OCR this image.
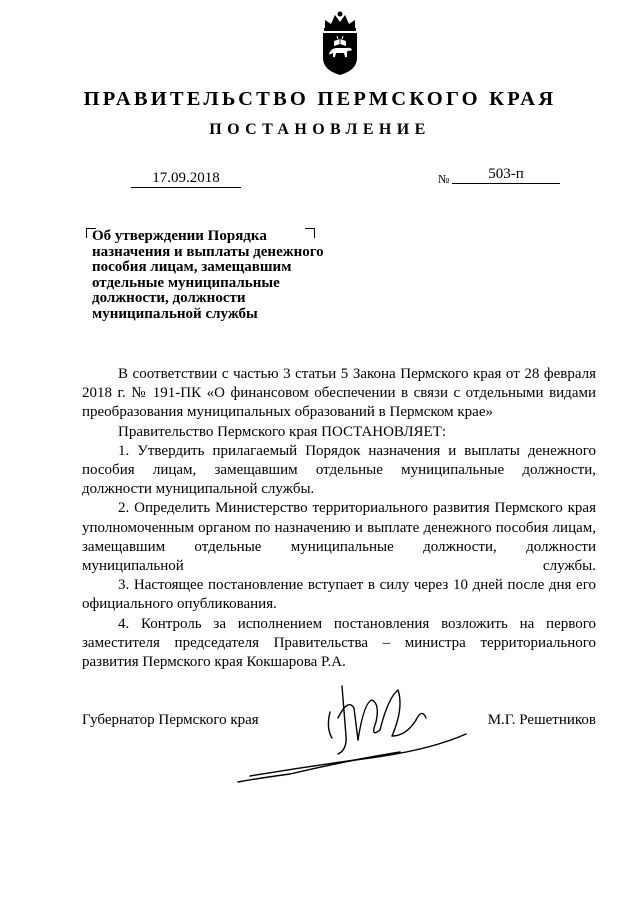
ПРАВИТЕЛЬСТВО ПЕРМСКОГО КРАЯ
ПОСТАНОВЛЕНИЕ
17.09.2018	№	503-п
Об утверждении Порядка
назначения и выплаты денежного
пособия лицам, замещавшим
отдельные муниципальные
должности, должности
муниципальной службы

В соответствии с частью 3 статьи 5 Закона Пермского края от 28 февраля 2018 г. № 191-ПК «О финансовом обеспечении в связи с отдельными видами преобразования муниципальных образований в Пермском крае»

Правительство Пермского края ПОСТАНОВЛЯЕТ:

1. Утвердить прилагаемый Порядок назначения и выплаты денежного пособия лицам, замещавшим отдельные муниципальные должности, должности муниципальной службы.

2. Определить Министерство территориального развития Пермского края уполномоченным органом по назначению и выплате денежного пособия лицам, замещавшим отдельные муниципальные должности, должности муниципальной службы.

3. Настоящее постановление вступает в силу через 10 дней после дня его официального опубликования.

4. Контроль за исполнением постановления возложить на первого заместителя председателя Правительства – министра территориального развития Пермского края Кокшарова Р.А.

Губернатор Пермского края	М.Г. Решетников
